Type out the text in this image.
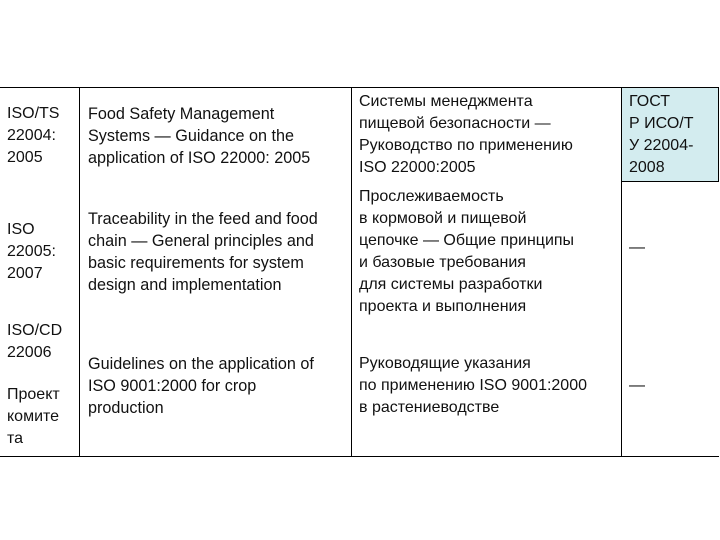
ISO/TS
22004:
2005
Food Safety Management
Systems — Guidance on the
application of ISO 22000: 2005
Системы менеджмента
пищевой безопасности —
Руководство по применению
ISO 22000:2005
ГОСТ
Р ИСО/Т
У 22004-
2008
ISO
22005:
2007
Traceability in the feed and food
chain — General principles and
basic requirements for system
design and implementation
Прослеживаемость
в кормовой и пищевой
цепочке — Общие принципы
и базовые требования
для системы разработки
проекта и выполнения
—
ISO/CD
22006
Проект
комите
та
Guidelines on the application of
ISO 9001:2000 for crop
production
Руководящие указания
по применению ISO 9001:2000
в растениеводстве
—
